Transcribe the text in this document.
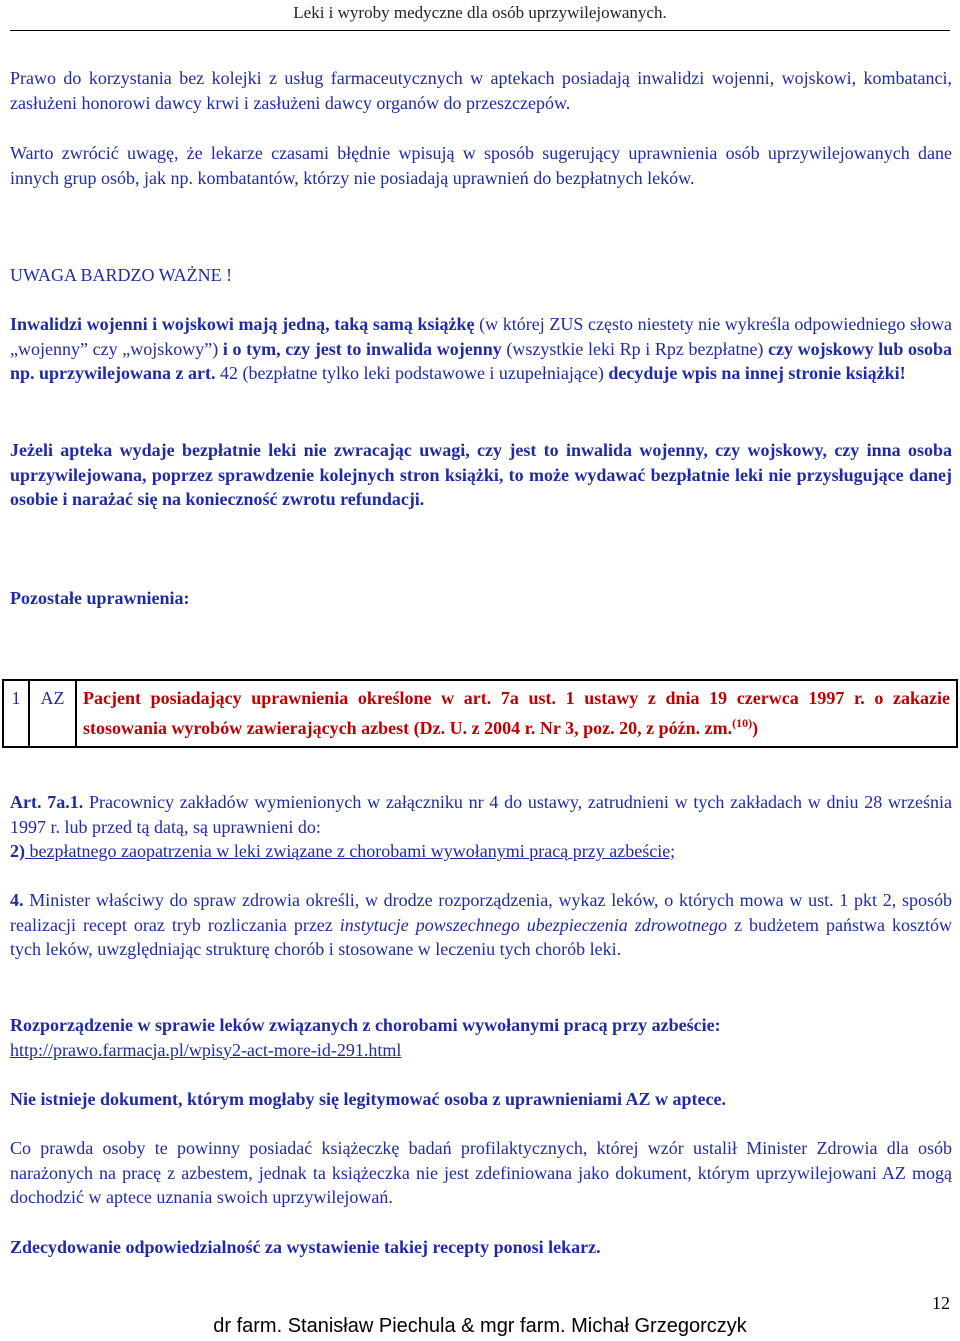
Leki i wyroby medyczne dla osób uprzywilejowanych.
Prawo do korzystania bez kolejki z usług farmaceutycznych w aptekach posiadają inwalidzi wojenni, wojskowi, kombatanci, zasłużeni honorowi dawcy krwi i zasłużeni dawcy organów do przeszczepów.
Warto zwrócić uwagę, że lekarze czasami błędnie wpisują w sposób sugerujący uprawnienia osób uprzywilejowanych dane innych grup osób, jak np. kombatantów, którzy nie posiadają uprawnień do bezpłatnych leków.
UWAGA BARDZO WAŻNE !
Inwalidzi wojenni i wojskowi mają jedną, taką samą książkę (w której ZUS często niestety nie wykreśla odpowiedniego słowa „wojenny” czy „wojskowy”) i o tym, czy jest to inwalida wojenny (wszystkie leki Rp i Rpz bezpłatne) czy wojskowy lub osoba np. uprzywilejowana z art. 42 (bezpłatne tylko leki podstawowe i uzupełniające) decyduje wpis na innej stronie książki!
Jeżeli apteka wydaje bezpłatnie leki nie zwracając uwagi, czy jest to inwalida wojenny, czy wojskowy, czy inna osoba uprzywilejowana, poprzez sprawdzenie kolejnych stron książki, to może wydawać bezpłatnie leki nie przysługujące danej osobie i narażać się na konieczność zwrotu refundacji.
Pozostałe uprawnienia:
1	AZ	Pacjent posiadający uprawnienia określone w art. 7a ust. 1 ustawy z dnia 19 czerwca 1997 r. o zakazie stosowania wyrobów zawierających azbest (Dz. U. z 2004 r. Nr 3, poz. 20, z późn. zm.$^{(10)}$)
Art. 7a.1. Pracownicy zakładów wymienionych w załączniku nr 4 do ustawy, zatrudnieni w tych zakładach w dniu 28 września 1997 r. lub przed tą datą, są uprawnieni do:
2) bezpłatnego zaopatrzenia w leki związane z chorobami wywołanymi pracą przy azbeście;
4. Minister właściwy do spraw zdrowia określi, w drodze rozporządzenia, wykaz leków, o których mowa w ust. 1 pkt 2, sposób realizacji recept oraz tryb rozliczania przez instytucje powszechnego ubezpieczenia zdrowotnego z budżetem państwa kosztów tych leków, uwzględniając strukturę chorób i stosowane w leczeniu tych chorób leki.
Rozporządzenie w sprawie leków związanych z chorobami wywołanymi pracą przy azbeście:
http://prawo.farmacja.pl/wpisy2-act-more-id-291.html
Nie istnieje dokument, którym mogłaby się legitymować osoba z uprawnieniami AZ w aptece.
Co prawda osoby te powinny posiadać książeczkę badań profilaktycznych, której wzór ustalił Minister Zdrowia dla osób narażonych na pracę z azbestem, jednak ta książeczka nie jest zdefiniowana jako dokument, którym uprzywilejowani AZ mogą dochodzić w aptece uznania swoich uprzywilejowań.
Zdecydowanie odpowiedzialność za wystawienie takiej recepty ponosi lekarz.
12
dr farm. Stanisław Piechula & mgr farm. Michał Grzegorczyk
